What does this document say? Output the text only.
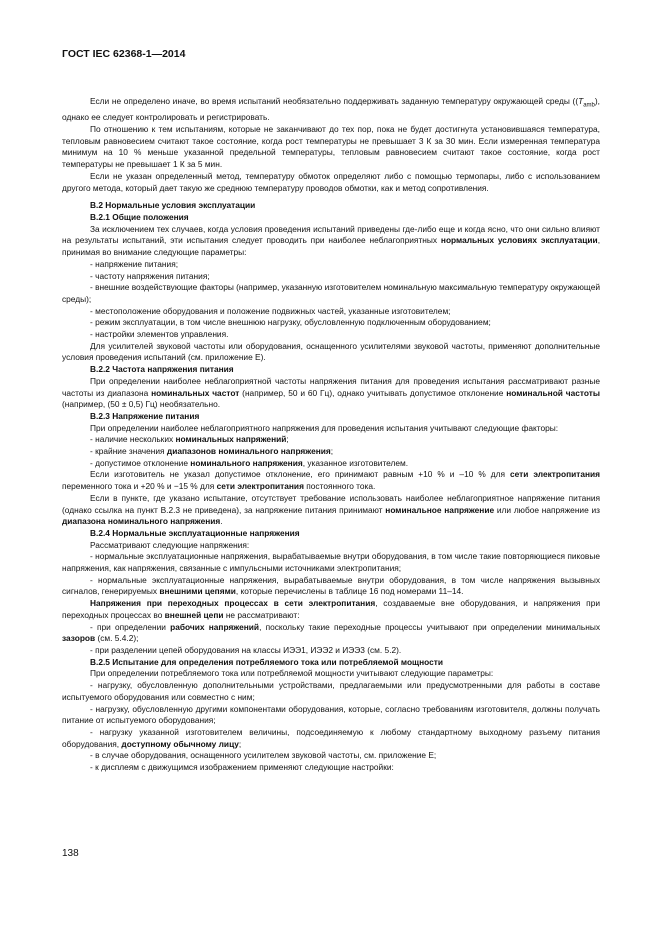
ГОСТ IEC 62368-1—2014

Если не определено иначе, во время испытаний необязательно поддерживать заданную температуру окружающей среды ($(T_{amb})$, однако ее следует контролировать и регистрировать.

По отношению к тем испытаниям, которые не заканчивают до тех пор, пока не будет достигнута установившаяся температура, тепловым равновесием считают такое состояние, когда рост температуры не превышает 3 К за 30 мин. Если измеренная температура минимум на 10 % меньше указанной предельной температуры, тепловым равновесием считают такое состояние, когда рост температуры не превышает 1 К за 5 мин.

Если не указан определенный метод, температуру обмоток определяют либо с помощью термопары, либо с использованием другого метода, который дает такую же среднюю температуру проводов обмотки, как и метод сопротивления.

В.2 Нормальные условия эксплуатации

В.2.1 Общие положения

За исключением тех случаев, когда условия проведения испытаний приведены где-либо еще и когда ясно, что они сильно влияют на результаты испытаний, эти испытания следует проводить при наиболее неблагоприятных нормальных условиях эксплуатации, принимая во внимание следующие параметры:

- напряжение питания;

- частоту напряжения питания;

- внешние воздействующие факторы (например, указанную изготовителем номинальную максимальную температуру окружающей среды);

- местоположение оборудования и положение подвижных частей, указанные изготовителем;

- режим эксплуатации, в том числе внешнюю нагрузку, обусловленную подключенным оборудованием;

- настройки элементов управления.

Для усилителей звуковой частоты или оборудования, оснащенного усилителями звуковой частоты, применяют дополнительные условия проведения испытаний (см. приложение Е).

В.2.2 Частота напряжения питания

При определении наиболее неблагоприятной частоты напряжения питания для проведения испытания рассматривают разные частоты из диапазона номинальных частот (например, 50 и 60 Гц), однако учитывать допустимое отклонение номинальной частоты (например, (50 ± 0,5) Гц) необязательно.

В.2.3 Напряжение питания

При определении наиболее неблагоприятного напряжения для проведения испытания учитывают следующие факторы:

- наличие нескольких номинальных напряжений;

- крайние значения диапазонов номинального напряжения;

- допустимое отклонение номинального напряжения, указанное изготовителем.

Если изготовитель не указал допустимое отклонение, его принимают равным +10 % и –10 % для сети электропитания переменного тока и +20 % и −15 % для сети электропитания постоянного тока.

Если в пункте, где указано испытание, отсутствует требование использовать наиболее неблагоприятное напряжение питания (однако ссылка на пункт В.2.3 не приведена), за напряжение питания принимают номинальное напряжение или любое напряжение из диапазона номинального напряжения.

В.2.4 Нормальные эксплуатационные напряжения

Рассматривают следующие напряжения:

- нормальные эксплуатационные напряжения, вырабатываемые внутри оборудования, в том числе такие повторяющиеся пиковые напряжения, как напряжения, связанные с импульсными источниками электропитания;

- нормальные эксплуатационные напряжения, вырабатываемые внутри оборудования, в том числе напряжения вызывных сигналов, генерируемых внешними цепями, которые перечислены в таблице 16 под номерами 11–14.

Напряжения при переходных процессах в сети электропитания, создаваемые вне оборудования, и напряжения при переходных процессах во внешней цепи не рассматривают:

- при определении рабочих напряжений, поскольку такие переходные процессы учитывают при определении минимальных зазоров (см. 5.4.2);

- при разделении цепей оборудования на классы ИЭЭ1, ИЭЭ2 и ИЭЭ3 (см. 5.2).

В.2.5 Испытание для определения потребляемого тока или потребляемой мощности

При определении потребляемого тока или потребляемой мощности учитывают следующие параметры:

- нагрузку, обусловленную дополнительными устройствами, предлагаемыми или предусмотренными для работы в составе испытуемого оборудования или совместно с ним;

- нагрузку, обусловленную другими компонентами оборудования, которые, согласно требованиям изготовителя, должны получать питание от испытуемого оборудования;

- нагрузку указанной изготовителем величины, подсоединяемую к любому стандартному выходному разъему питания оборудования, доступному обычному лицу;

- в случае оборудования, оснащенного усилителем звуковой частоты, см. приложение Е;

- к дисплеям с движущимся изображением применяют следующие настройки:

138
